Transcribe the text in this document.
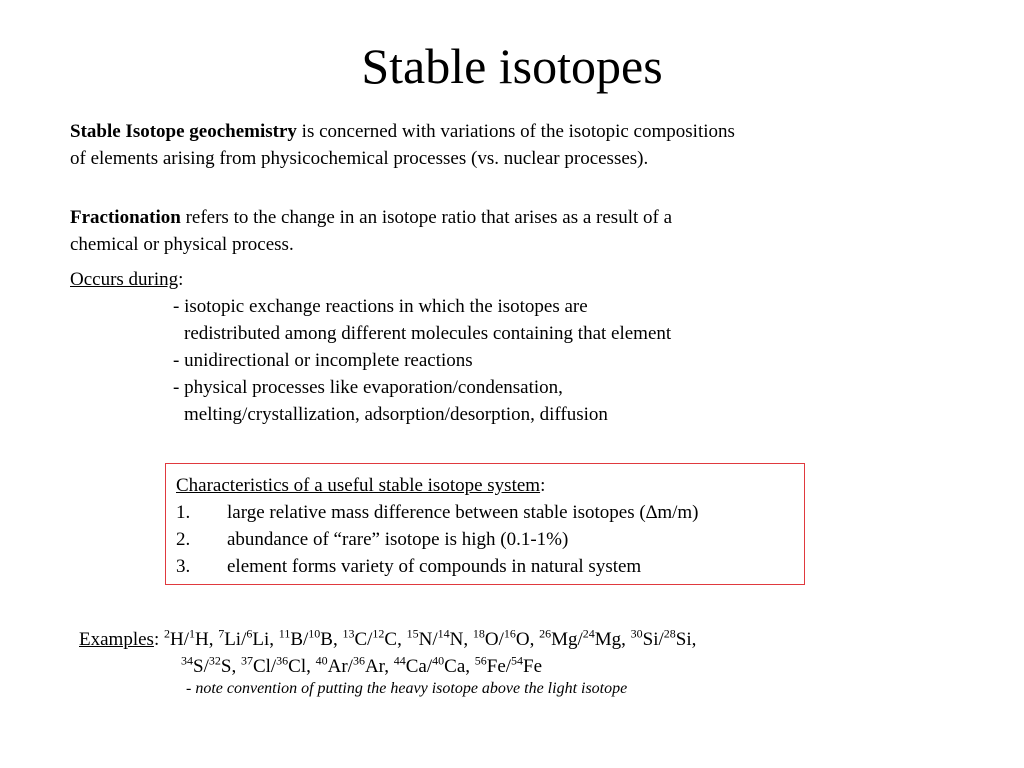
Stable isotopes
Stable Isotope geochemistry is concerned with variations of the isotopic compositions
of elements arising from physicochemical processes (vs. nuclear processes).
Fractionation refers to the change in an isotope ratio that arises as a result of a
chemical or physical process.
Occurs during:
- isotopic exchange reactions in which the isotopes are
redistributed among different molecules containing that element
- unidirectional or incomplete reactions
- physical processes like evaporation/condensation,
melting/crystallization, adsorption/desorption, diffusion
Characteristics of a useful stable isotope system:
1. large relative mass difference between stable isotopes (∆m/m)
2. abundance of “rare” isotope is high (0.1-1%)
3. element forms variety of compounds in natural system
Examples: $^2$H/$^1$H, $^7$Li/$^6$Li, $^{11}$B/$^{10}$B, $^{13}$C/$^{12}$C, $^{15}$N/$^{14}$N, $^{18}$O/$^{16}$O, $^{26}$Mg/$^{24}$Mg, $^{30}$Si/$^{28}$Si,
$^{34}$S/$^{32}$S, $^{37}$Cl/$^{36}$Cl, $^{40}$Ar/$^{36}$Ar, $^{44}$Ca/$^{40}$Ca, $^{56}$Fe/$^{54}$Fe
- note convention of putting the heavy isotope above the light isotope
